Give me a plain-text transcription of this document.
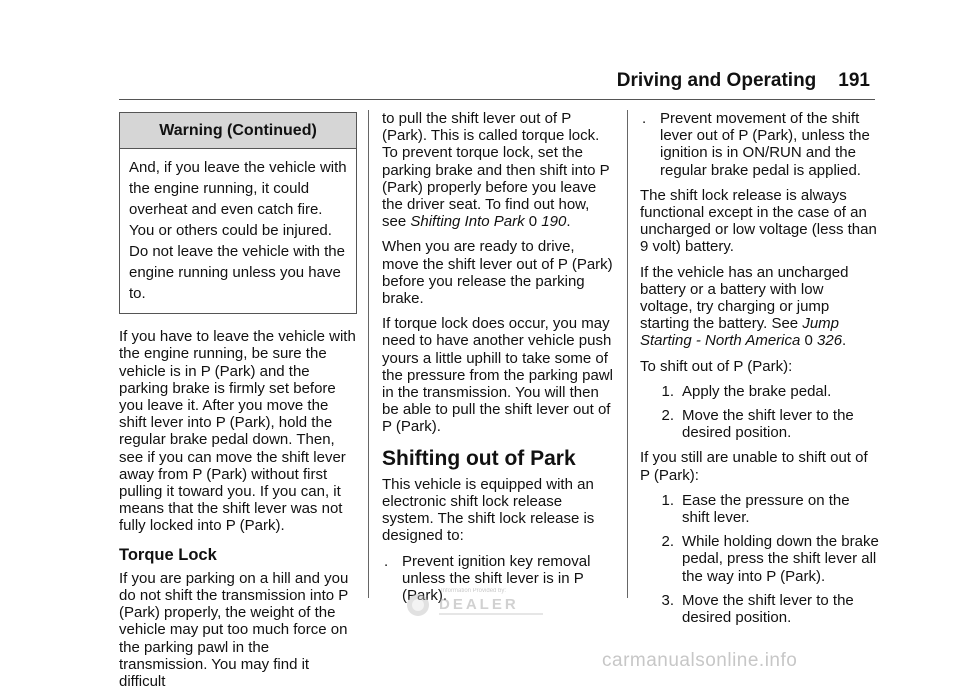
Driving and Operating 191
Warning (Continued)
And, if you leave the vehicle with the engine running, it could overheat and even catch fire. You or others could be injured. Do not leave the vehicle with the engine running unless you have to.

If you have to leave the vehicle with the engine running, be sure the vehicle is in P (Park) and the parking brake is firmly set before you leave it. After you move the shift lever into P (Park), hold the regular brake pedal down. Then, see if you can move the shift lever away from P (Park) without first pulling it toward you. If you can, it means that the shift lever was not fully locked into P (Park).

Torque Lock

If you are parking on a hill and you do not shift the transmission into P (Park) properly, the weight of the vehicle may put too much force on the parking pawl in the transmission. You may find it difficult

to pull the shift lever out of P (Park). This is called torque lock. To prevent torque lock, set the parking brake and then shift into P (Park) properly before you leave the driver seat. To find out how, see Shifting Into Park 0 190.

When you are ready to drive, move the shift lever out of P (Park) before you release the parking brake.

If torque lock does occur, you may need to have another vehicle push yours a little uphill to take some of the pressure from the parking pawl in the transmission. You will then be able to pull the shift lever out of P (Park).

Shifting out of Park

This vehicle is equipped with an electronic shift lock release system. The shift lock release is designed to:

. Prevent ignition key removal unless the shift lever is in P (Park).
. Prevent movement of the shift lever out of P (Park), unless the ignition is in ON/RUN and the regular brake pedal is applied.

The shift lock release is always functional except in the case of an uncharged or low voltage (less than 9 volt) battery.

If the vehicle has an uncharged battery or a battery with low voltage, try charging or jump starting the battery. See Jump Starting - North America 0 326.

To shift out of P (Park):

1. Apply the brake pedal.
2. Move the shift lever to the desired position.

If you still are unable to shift out of P (Park):

1. Ease the pressure on the shift lever.
2. While holding down the brake pedal, press the shift lever all the way into P (Park).
3. Move the shift lever to the desired position.
Information Provided by:
DEALER
carmanualsonline.info
